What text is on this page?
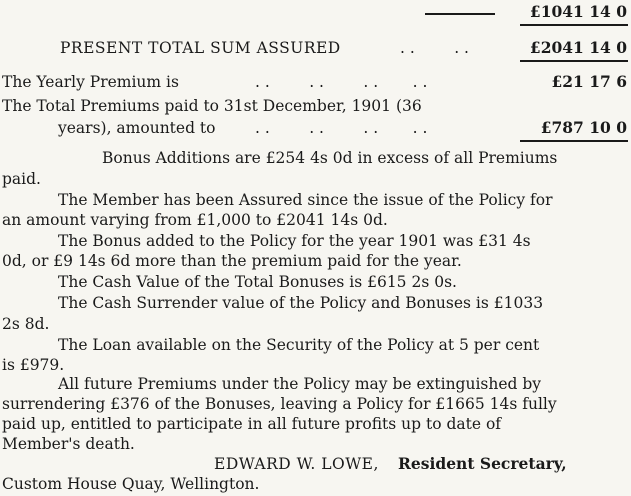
£1041 14 0
PRESENT TOTAL SUM ASSURED	. .        . .	£2041 14 0
The Yearly Premium is	. .        . .        . .       . .	£21 17 6
The Total Premiums paid to 31st December, 1901 (36
years), amounted to	. .        . .        . .       . .	£787 10 0
Bonus Additions are £254 4s 0d in excess of all Premiums
paid.
The Member has been Assured since the issue of the Policy for
an amount varying from £1,000 to £2041 14s 0d.
The Bonus added to the Policy for the year 1901 was £31 4s
0d, or £9 14s 6d more than the premium paid for the year.
The Cash Value of the Total Bonuses is £615 2s 0s.
The Cash Surrender value of the Policy and Bonuses is £1033
2s 8d.
The Loan available on the Security of the Policy at 5 per cent
is £979.
All future Premiums under the Policy may be extinguished by
surrendering £376 of the Bonuses, leaving a Policy for £1665 14s fully
paid up, entitled to participate in all future profits up to date of
Member's death.
EDWARD W. LOWE, Resident Secretary,
Custom House Quay, Wellington.
